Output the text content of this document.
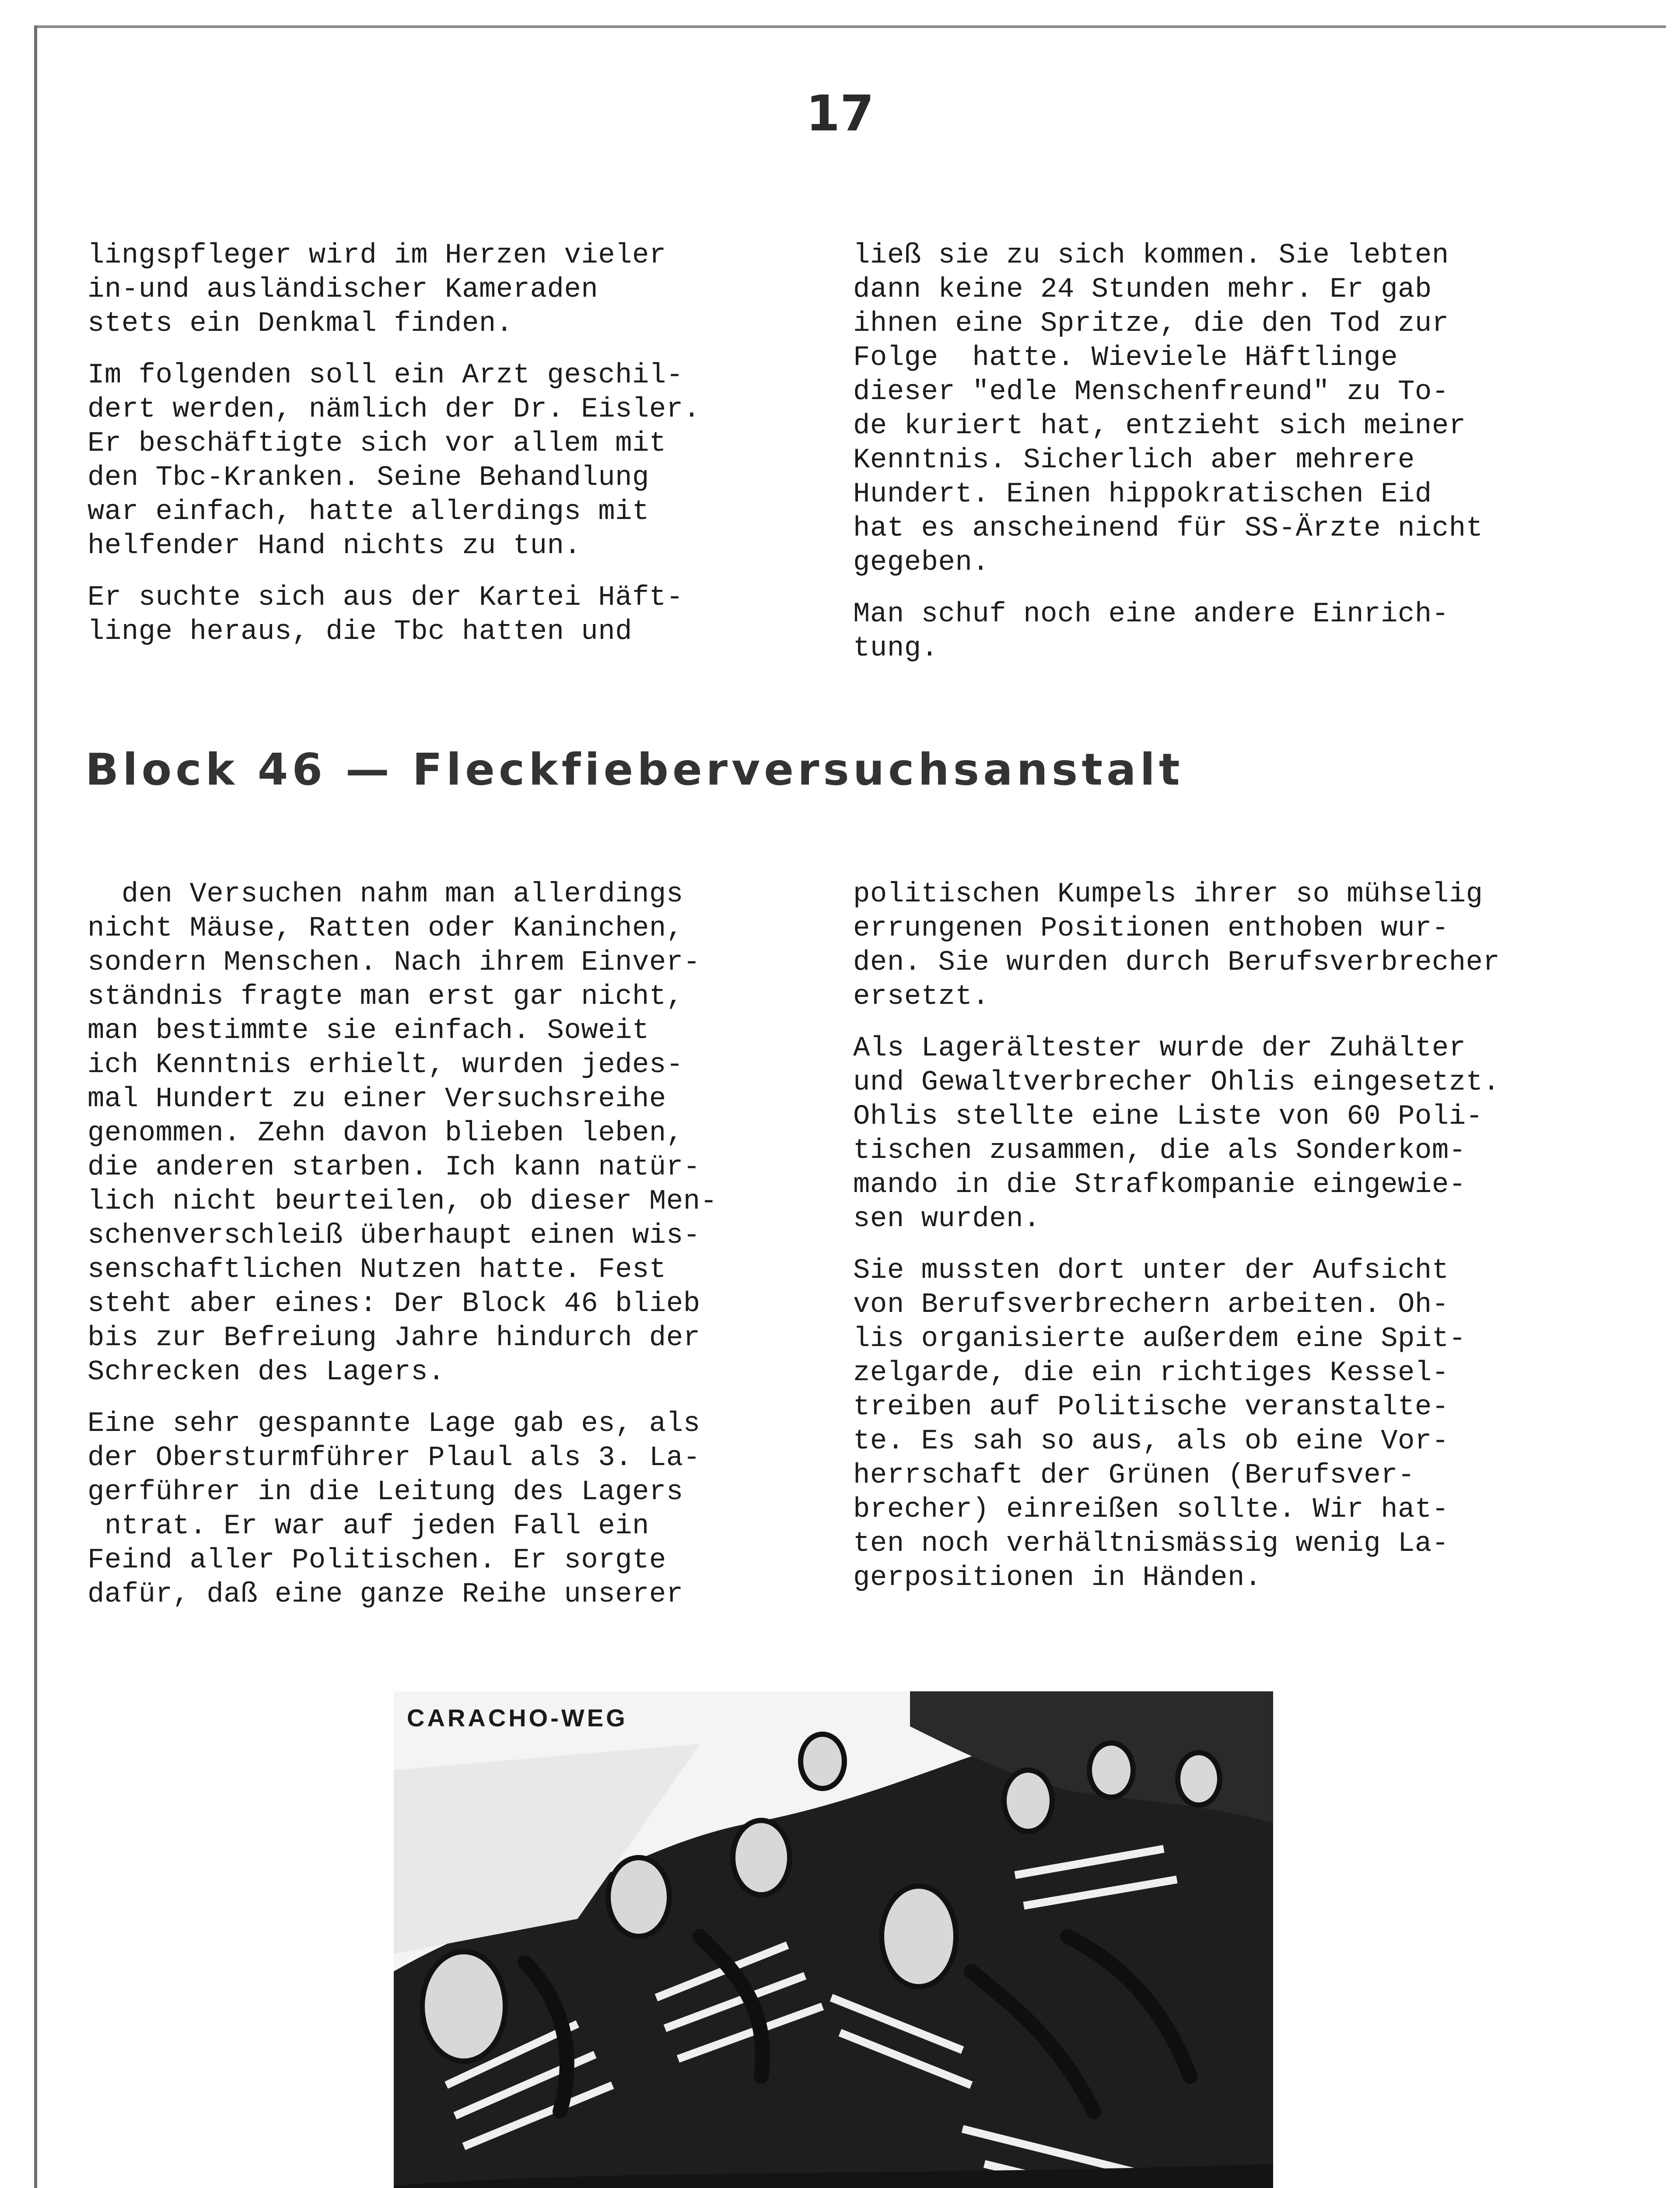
17

lingspfleger wird im Herzen vieler
in-und ausländischer Kameraden
stets ein Denkmal finden.

Im folgenden soll ein Arzt geschil-
dert werden, nämlich der Dr. Eisler.
Er beschäftigte sich vor allem mit
den Tbc-Kranken. Seine Behandlung
war einfach, hatte allerdings mit
helfender Hand nichts zu tun.

Er suchte sich aus der Kartei Häft-
linge heraus, die Tbc hatten und

ließ sie zu sich kommen. Sie lebten
dann keine 24 Stunden mehr. Er gab
ihnen eine Spritze, die den Tod zur
Folge  hatte. Wieviele Häftlinge
dieser "edle Menschenfreund" zu To-
de kuriert hat, entzieht sich meiner
Kenntnis. Sicherlich aber mehrere
Hundert. Einen hippokratischen Eid
hat es anscheinend für SS-Ärzte nicht
gegeben.

Man schuf noch eine andere Einrich-
tung.

Block 46 — Fleckfieberversuchsanstalt

den Versuchen nahm man allerdings
nicht Mäuse, Ratten oder Kaninchen,
sondern Menschen. Nach ihrem Einver-
ständnis fragte man erst gar nicht,
man bestimmte sie einfach. Soweit
ich Kenntnis erhielt, wurden jedes-
mal Hundert zu einer Versuchsreihe
genommen. Zehn davon blieben leben,
die anderen starben. Ich kann natür-
lich nicht beurteilen, ob dieser Men-
schenverschleiß überhaupt einen wis-
senschaftlichen Nutzen hatte. Fest
steht aber eines: Der Block 46 blieb
bis zur Befreiung Jahre hindurch der
Schrecken des Lagers.

Eine sehr gespannte Lage gab es, als
der Obersturmführer Plaul als 3. La-
gerführer in die Leitung des Lagers
ntrat. Er war auf jeden Fall ein
Feind aller Politischen. Er sorgte
dafür, daß eine ganze Reihe unserer

politischen Kumpels ihrer so mühselig
errungenen Positionen enthoben wur-
den. Sie wurden durch Berufsverbrecher
ersetzt.

Als Lagerältester wurde der Zuhälter
und Gewaltverbrecher Ohlis eingesetzt.
Ohlis stellte eine Liste von 60 Poli-
tischen zusammen, die als Sonderkom-
mando in die Strafkompanie eingewie-
sen wurden.

Sie mussten dort unter der Aufsicht
von Berufsverbrechern arbeiten. Oh-
lis organisierte außerdem eine Spit-
zelgarde, die ein richtiges Kessel-
treiben auf Politische veranstalte-
te. Es sah so aus, als ob eine Vor-
herrschaft der Grünen (Berufsver-
brecher) einreißen sollte. Wir hat-
ten noch verhältnismässig wenig La-
gerpositionen in Händen.

CARACHO-WEG
